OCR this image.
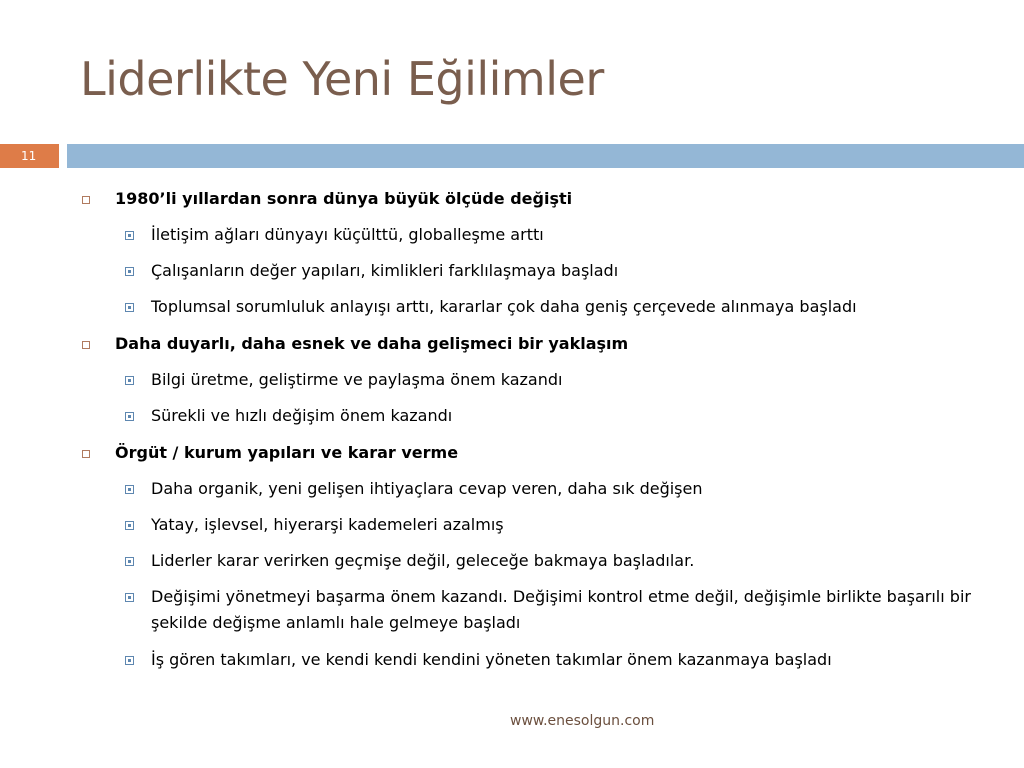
Liderlikte Yeni Eğilimler
11
1980’li yıllardan sonra dünya büyük ölçüde değişti
İletişim ağları dünyayı küçülttü, globalleşme arttı
Çalışanların değer yapıları, kimlikleri farklılaşmaya başladı
Toplumsal sorumluluk anlayışı arttı, kararlar çok daha geniş çerçevede alınmaya başladı
Daha duyarlı, daha esnek ve daha gelişmeci bir yaklaşım
Bilgi üretme, geliştirme ve paylaşma önem kazandı
Sürekli ve hızlı değişim önem kazandı
Örgüt / kurum yapıları ve karar verme
Daha organik, yeni gelişen ihtiyaçlara cevap veren, daha sık değişen
Yatay, işlevsel, hiyerarşi kademeleri azalmış
Liderler karar verirken geçmişe değil, geleceğe bakmaya başladılar.
Değişimi yönetmeyi başarma önem kazandı. Değişimi kontrol etme değil, değişimle birlikte başarılı bir şekilde değişme anlamlı hale gelmeye başladı
İş gören takımları, ve kendi kendi kendini yöneten takımlar önem kazanmaya başladı
www.enesolgun.com
